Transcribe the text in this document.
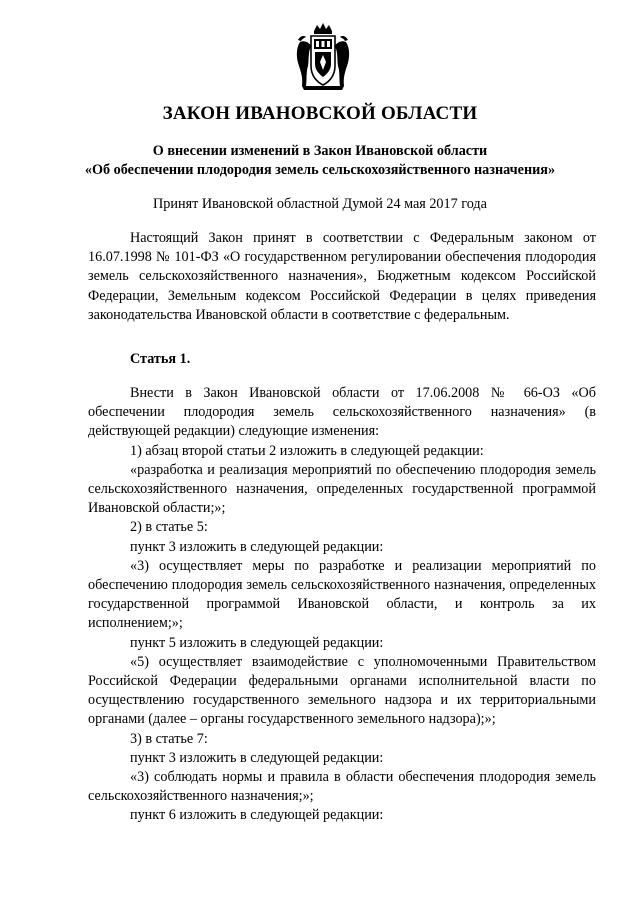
ЗАКОН ИВАНОВСКОЙ ОБЛАСТИ
О внесении изменений в Закон Ивановской области
«Об обеспечении плодородия земель сельскохозяйственного назначения»
Принят Ивановской областной Думой 24 мая 2017 года

Настоящий Закон принят в соответствии с Федеральным законом от 16.07.1998 № 101-ФЗ «О государственном регулировании обеспечения плодородия земель сельскохозяйственного назначения», Бюджетным кодексом Российской Федерации, Земельным кодексом Российской Федерации в целях приведения законодательства Ивановской области в соответствие с федеральным.

Статья 1.

Внести в Закон Ивановской области от 17.06.2008 № 66-ОЗ «Об обеспечении плодородия земель сельскохозяйственного назначения» (в действующей редакции) следующие изменения:

1) абзац второй статьи 2 изложить в следующей редакции:

«разработка и реализация мероприятий по обеспечению плодородия земель сельскохозяйственного назначения, определенных государственной программой Ивановской области;»;

2) в статье 5:

пункт 3 изложить в следующей редакции:

«3) осуществляет меры по разработке и реализации мероприятий по обеспечению плодородия земель сельскохозяйственного назначения, определенных государственной программой Ивановской области, и контроль за их исполнением;»;

пункт 5 изложить в следующей редакции:

«5) осуществляет взаимодействие с уполномоченными Правительством Российской Федерации федеральными органами исполнительной власти по осуществлению государственного земельного надзора и их территориальными органами (далее – органы государственного земельного надзора);»;

3) в статье 7:

пункт 3 изложить в следующей редакции:

«3) соблюдать нормы и правила в области обеспечения плодородия земель сельскохозяйственного назначения;»;

пункт 6 изложить в следующей редакции:
